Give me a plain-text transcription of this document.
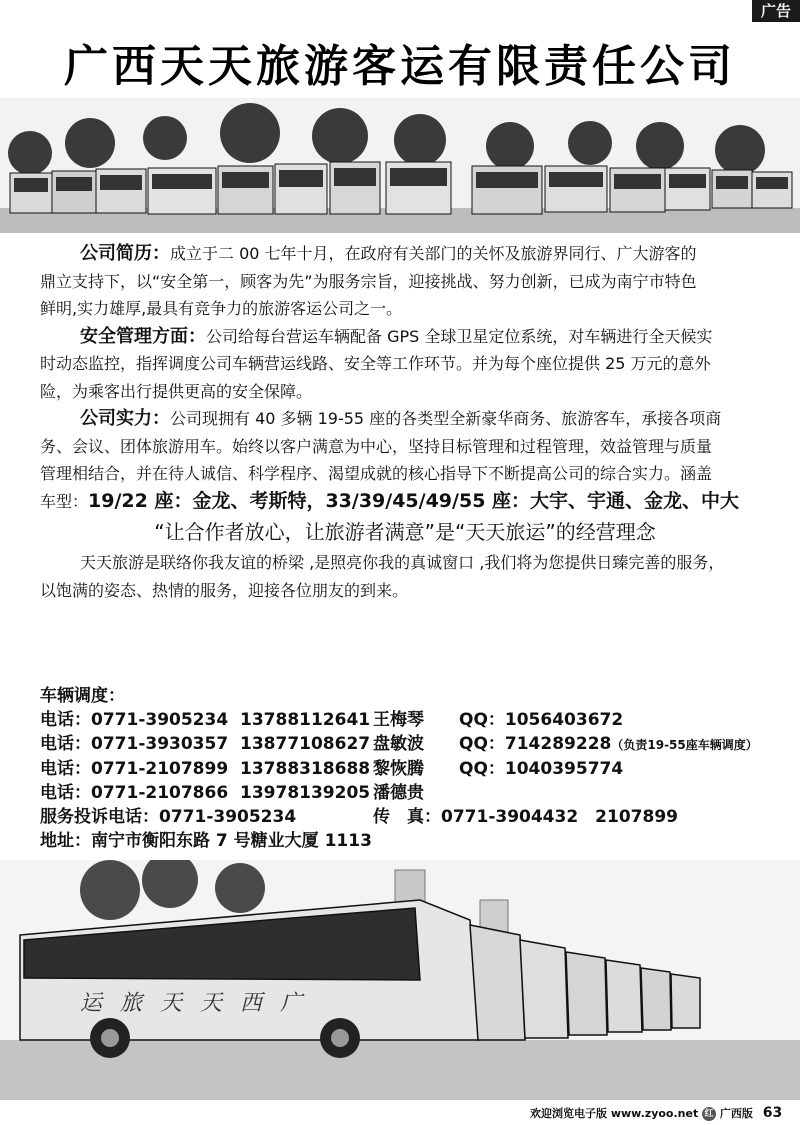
广告
广西天天旅游客运有限责任公司

公司简历：成立于二 00 七年十月，在政府有关部门的关怀及旅游界同行、广大游客的

鼎立支持下，以“安全第一，顾客为先”为服务宗旨，迎接挑战、努力创新，已成为南宁市特色

鲜明,实力雄厚,最具有竞争力的旅游客运公司之一。

安全管理方面：公司给每台营运车辆配备 GPS 全球卫星定位系统，对车辆进行全天候实

时动态监控，指挥调度公司车辆营运线路、安全等工作环节。并为每个座位提供 25 万元的意外

险，为乘客出行提供更高的安全保障。

公司实力：公司现拥有 40 多辆 19-55 座的各类型全新豪华商务、旅游客车，承接各项商

务、会议、团体旅游用车。始终以客户满意为中心，坚持目标管理和过程管理，效益管理与质量

管理相结合，并在待人诚信、科学程序、渴望成就的核心指导下不断提高公司的综合实力。涵盖

车型：19/22 座：金龙、考斯特，33/39/45/49/55 座：大宇、宇通、金龙、中大

“让合作者放心，让旅游者满意”是“天天旅运”的经营理念

天天旅游是联络你我友谊的桥梁 ,是照亮你我的真诚窗口 ,我们将为您提供日臻完善的服务，

以饱满的姿态、热情的服务，迎接各位朋友的到来。

车辆调度：
电话：0771-3905234 13788112641 王梅琴 QQ：1056403672
电话：0771-3930357 13877108627 盘敏波 QQ：714289228（负责19-55座车辆调度）
电话：0771-2107899 13788318688 黎恢腾 QQ：1040395774
电话：0771-2107866 13978139205 潘德贵
服务投诉电话：0771-3905234	传　真：0771-3904432　2107899
地址：南宁市衡阳东路 7 号糖业大厦 1113
运旅天天西广
欢迎浏览电子版 www.zyoo.net 红 广西版 63
